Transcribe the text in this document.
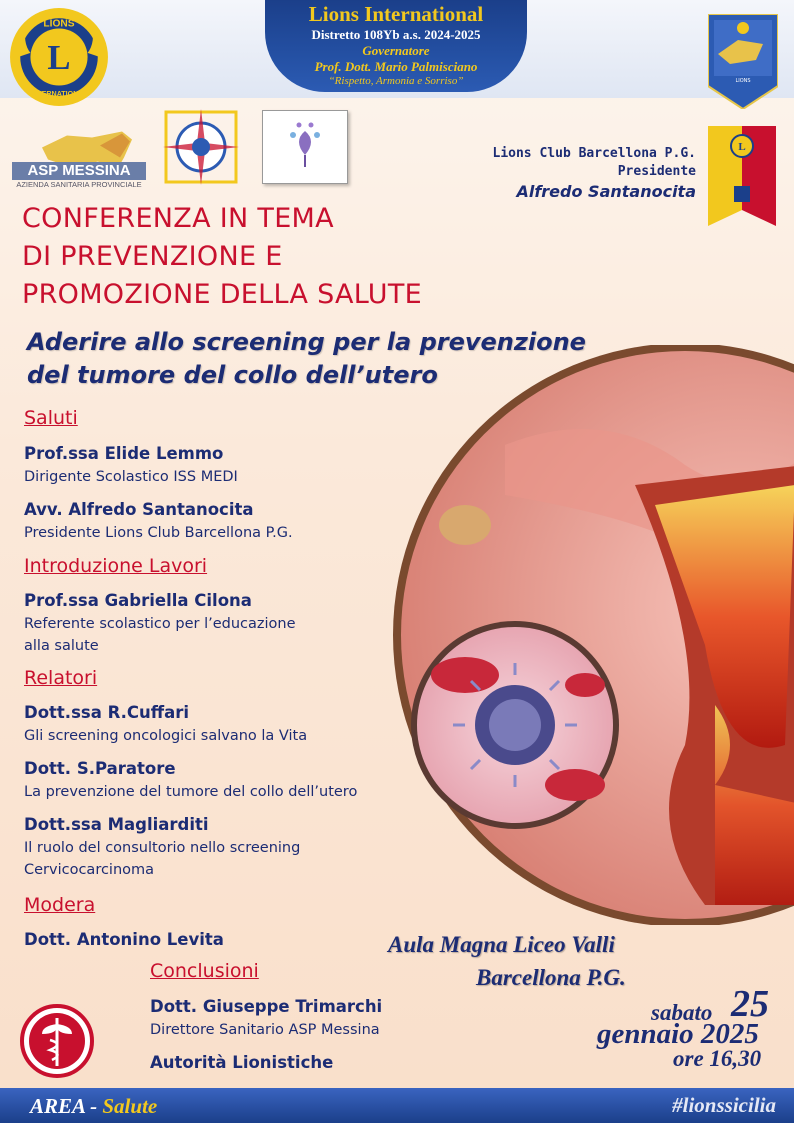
Lions International
Distretto 108Yb a.s. 2024-2025
Governatore
Prof. Dott. Mario Palmisciano
“Rispetto, Armonia e Sorriso”
L
LIONS
INTERNATIONAL
LIONS
ASP MESSINA
AZIENDA SANITARIA PROVINCIALE
Lions Club Barcellona P.G.
Presidente
Alfredo Santanocita
L
CONFERENZA IN TEMA
DI PREVENZIONE E
PROMOZIONE DELLA SALUTE
Aderire allo screening per la prevenzione
del tumore del collo dell’utero
Saluti
Prof.ssa Elide Lemmo
Dirigente Scolastico ISS MEDI
Avv. Alfredo Santanocita
Presidente Lions Club Barcellona P.G.
Introduzione Lavori
Prof.ssa Gabriella Cilona
Referente scolastico per l’educazione
alla salute
Relatori
Dott.ssa R.Cuffari
Gli screening oncologici salvano la Vita
Dott. S.Paratore
La prevenzione del tumore del collo dell’utero
Dott.ssa Magliarditi
Il ruolo del consultorio nello screening
Cervicocarcinoma
Modera
Dott. Antonino Levita
Conclusioni
Dott. Giuseppe Trimarchi
Direttore Sanitario ASP Messina
Autorità Lionistiche
Aula Magna Liceo Valli
Barcellona P.G.
sabato 25
gennaio 2025
ore 16,30
AREA - Salute	#lionssicilia
